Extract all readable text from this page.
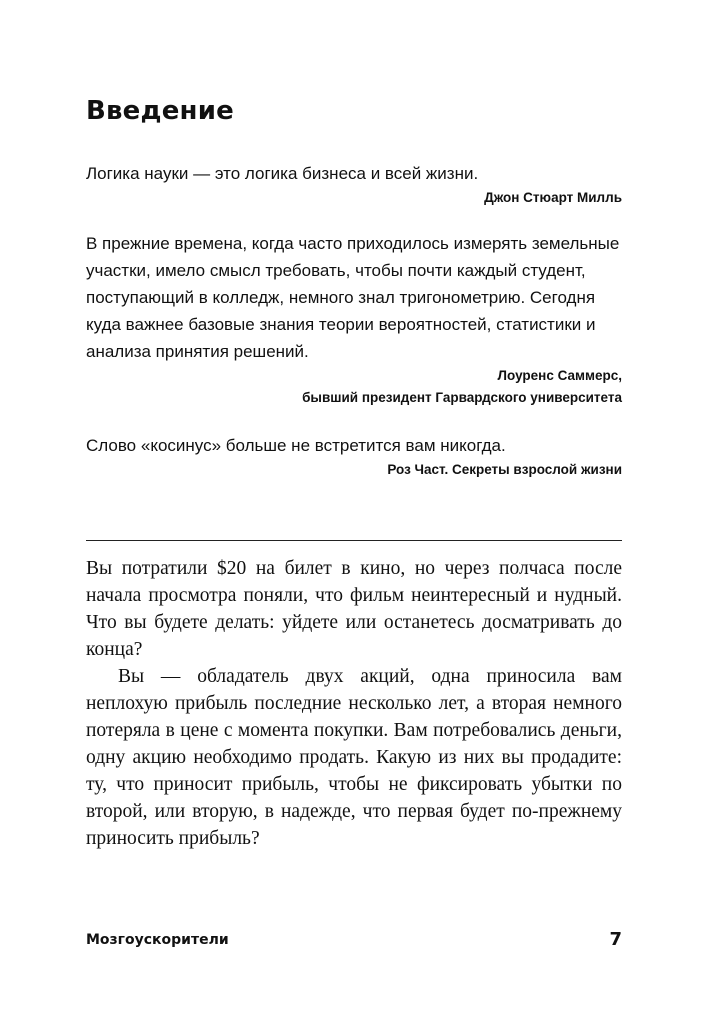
Введение

Логика науки — это логика бизнеса и всей жизни.

Джон Стюарт Милль

В прежние времена, когда часто приходилось измерять земельные участки, имело смысл требовать, чтобы почти каждый студент, поступающий в колледж, немного знал тригонометрию. Сегодня куда важнее базовые знания теории вероятностей, статистики и анализа принятия решений.

Лоуренс Саммерс,

бывший президент Гарвардского университета

Слово «косинус» больше не встретится вам никогда.

Роз Част. Секреты взрослой жизни

Вы потратили $20 на билет в кино, но через полчаса после начала просмотра поняли, что фильм неинтересный и нудный. Что вы будете делать: уйдете или останетесь досматривать до конца?

Вы — обладатель двух акций, одна приносила вам неплохую прибыль последние несколько лет, а вторая немного потеряла в цене с момента покупки. Вам потребовались деньги, одну акцию необходимо продать. Какую из них вы продадите: ту, что приносит прибыль, чтобы не фиксировать убытки по второй, или вторую, в надежде, что первая будет по-прежнему приносить прибыль?

Мозгоускорители	7
